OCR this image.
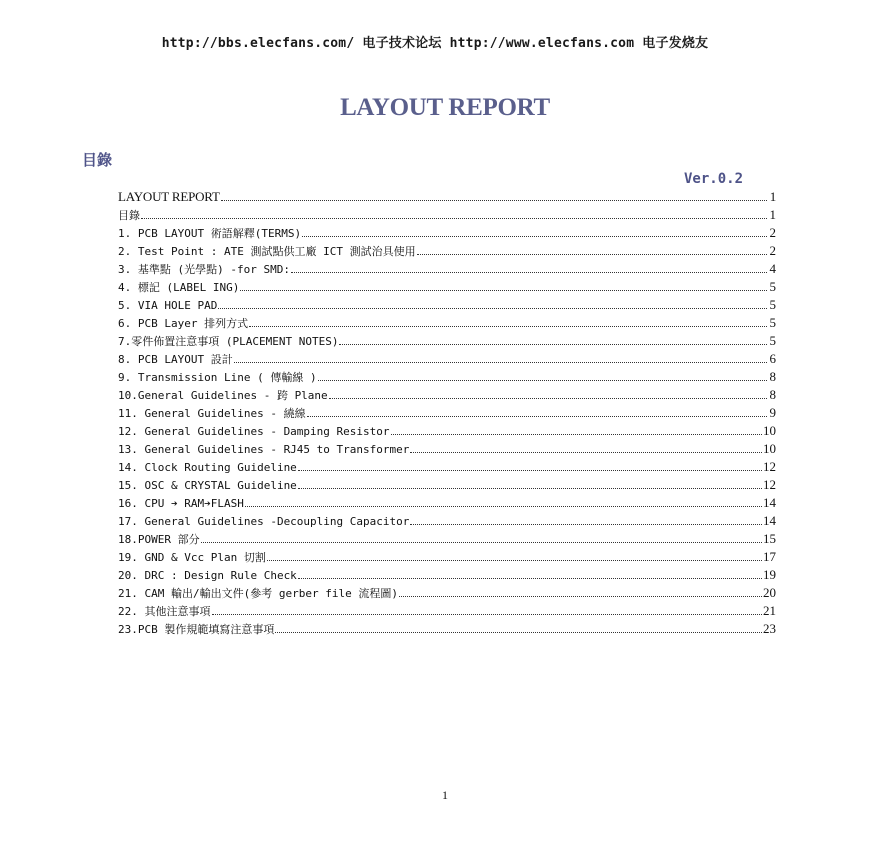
http://bbs.elecfans.com/ 电子技术论坛 http://www.elecfans.com 电子发烧友
LAYOUT REPORT
目錄
Ver.0.2
LAYOUT REPORT	1
目錄	1
1. PCB LAYOUT 術語解釋(TERMS)	2
2. Test Point : ATE 測試點供工廠 ICT 測試治具使用	2
3. 基準點 (光學點) -for SMD:	4
4. 標記 (LABEL ING)	5
5. VIA HOLE PAD	5
6. PCB Layer 排列方式	5
7.零件佈置注意事項 (PLACEMENT NOTES)	5
8. PCB LAYOUT 設計	6
9. Transmission Line ( 傳輸線 )	8
10.General Guidelines - 跨 Plane	8
11. General Guidelines - 繞線	9
12. General Guidelines - Damping Resistor	10
13. General Guidelines - RJ45 to Transformer	10
14. Clock Routing Guideline	12
15. OSC & CRYSTAL Guideline	12
16. CPU ➔ RAM➔FLASH	14
17. General Guidelines -Decoupling Capacitor	14
18.POWER 部分	15
19. GND & Vcc Plan 切割	17
20. DRC : Design Rule Check	19
21. CAM 輸出/輸出文件(參考 gerber file 流程圖)	20
22. 其他注意事項	21
23.PCB 製作規範填寫注意事項	23
1
